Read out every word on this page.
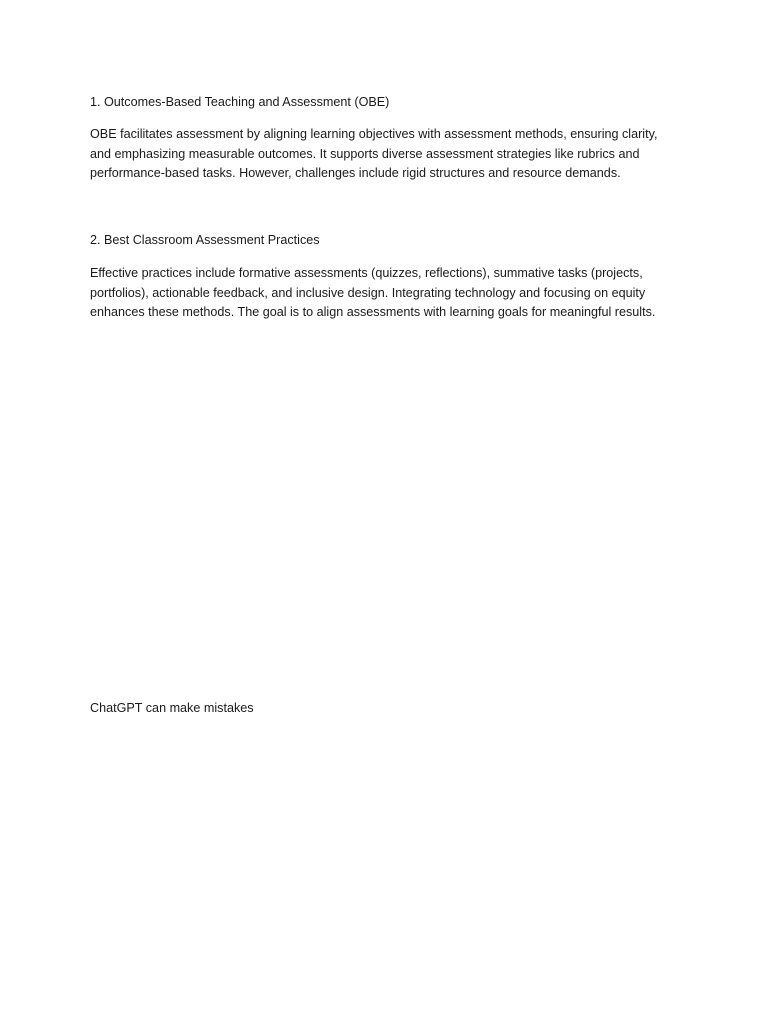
1. Outcomes-Based Teaching and Assessment (OBE)
OBE facilitates assessment by aligning learning objectives with assessment methods, ensuring clarity,
and emphasizing measurable outcomes. It supports diverse assessment strategies like rubrics and
performance-based tasks. However, challenges include rigid structures and resource demands.
2. Best Classroom Assessment Practices
Effective practices include formative assessments (quizzes, reflections), summative tasks (projects,
portfolios), actionable feedback, and inclusive design. Integrating technology and focusing on equity
enhances these methods. The goal is to align assessments with learning goals for meaningful results.
ChatGPT can make mistakes
